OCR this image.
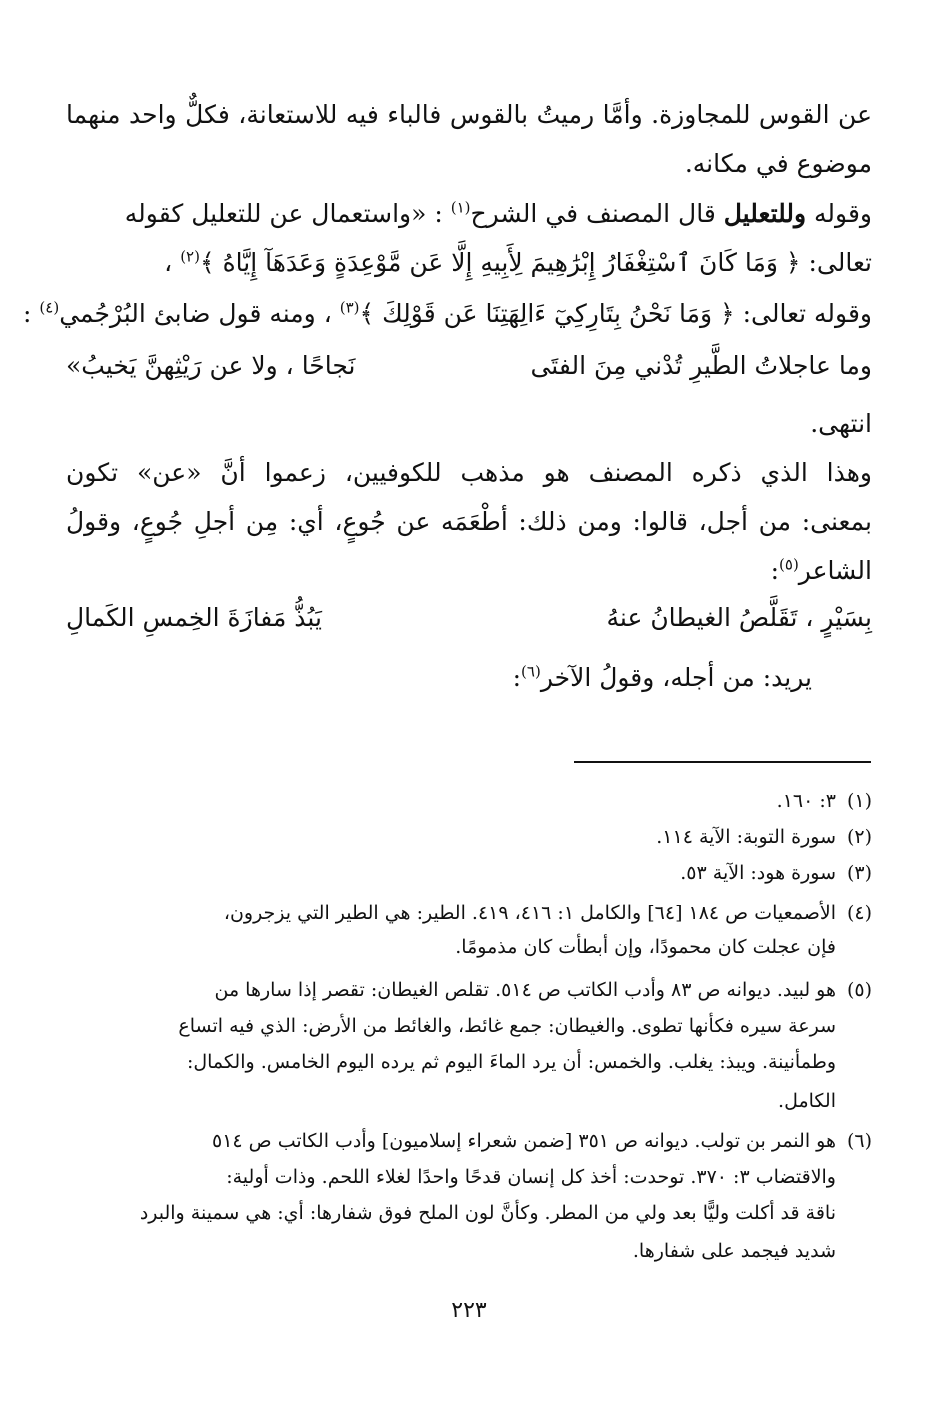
عن القوس للمجاوزة. وأمَّا رميتُ بالقوس فالباء فيه للاستعانة، فكلٌّ واحد منهما
موضوع في مكانه.
وقوله وللتعليل قال المصنف في الشرح$^{(١)}$ : «واستعمال عن للتعليل كقوله
تعالى: ﴿ وَمَا كَانَ ٱسْتِغْفَارُ إِبْرَٰهِيمَ لِأَبِيهِ إِلَّا عَن مَّوْعِدَةٍ وَعَدَهَآ إِيَّاهُ ﴾$^{(٢)}$ ،
وقوله تعالى: ﴿ وَمَا نَحْنُ بِتَارِكِيٓ ءَالِهَتِنَا عَن قَوْلِكَ ﴾$^{(٣)}$ ، ومنه قول ضابئ البُرْجُمي$^{(٤)}$ :
وما عاجلاتُ الطَّيرِ تُدْني مِنَ الفتَى
نَجاحًا ، ولا عن رَيْثِهنَّ يَخيبُ»
انتهى.
وهذا الذي ذكره المصنف هو مذهب للكوفيين، زعموا أنَّ «عن» تكون
بمعنى: من أجل، قالوا: ومن ذلك: أطْعَمَه عن جُوعٍ، أي: مِن أجلِ جُوعٍ، وقولُ
الشاعر$^{(٥)}$:
بِسَيْرٍ ، تَقَلَّصُ الغيطانُ عنهُ
يَبُذُّ مَفازَةَ الخِمسِ الكَمالِ
يريد: من أجله، وقولُ الآخر$^{(٦)}$:
(١)٣: ١٦٠.
(٢)سورة التوبة: الآية ١١٤.
(٣)سورة هود: الآية ٥٣.
(٤)الأصمعيات ص ١٨٤ [٦٤] والكامل ١: ٤١٦، ٤١٩. الطير: هي الطير التي يزجرون،
فإن عجلت كان محمودًا، وإن أبطأت كان مذمومًا.
(٥)هو لبيد. ديوانه ص ٨٣ وأدب الكاتب ص ٥١٤. تقلص الغيطان: تقصر إذا سارها من
سرعة سيره فكأنها تطوى. والغيطان: جمع غائط، والغائط من الأرض: الذي فيه اتساع
وطمأنينة. ويبذ: يغلب. والخمس: أن يرد الماءَ اليوم ثم يرده اليوم الخامس. والكمال:
الكامل.
(٦)هو النمر بن تولب. ديوانه ص ٣٥١ [ضمن شعراء إسلاميون] وأدب الكاتب ص ٥١٤
والاقتضاب ٣: ٣٧٠. توحدت: أخذ كل إنسان قدحًا واحدًا لغلاء اللحم. وذات أولية:
ناقة قد أكلت وليًّا بعد ولي من المطر. وكأنَّ لون الملح فوق شفارها: أي: هي سمينة والبرد
شديد فيجمد على شفارها.
٢٢٣
